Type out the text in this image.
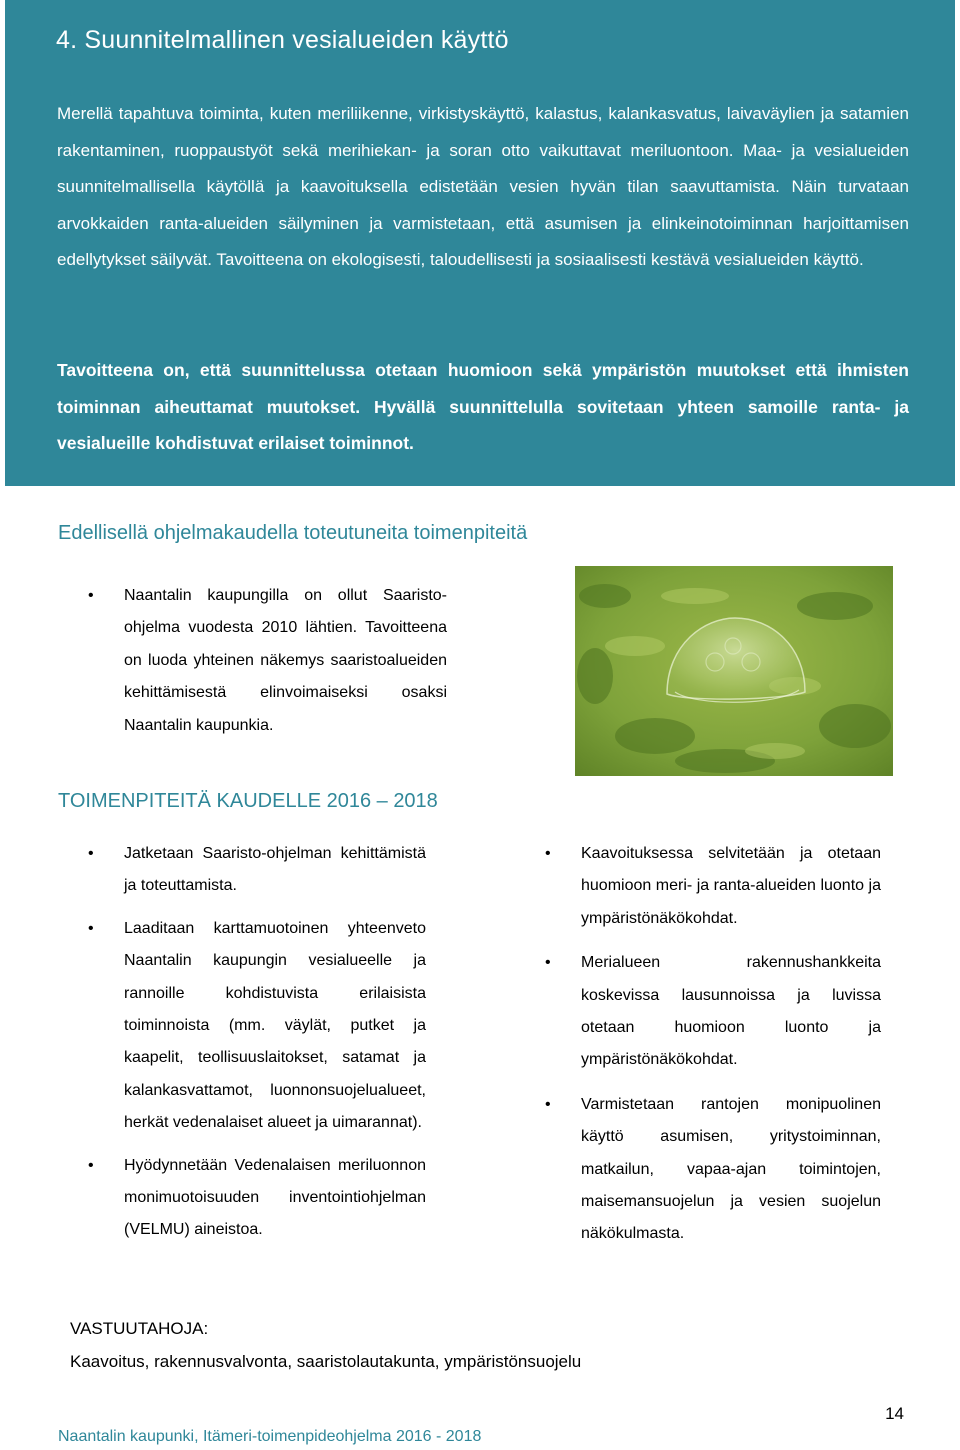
4. Suunnitelmallinen vesialueiden käyttö

Merellä tapahtuva toiminta, kuten meriliikenne, virkistyskäyttö, kalastus, kalankasvatus, laivaväylien ja satamien rakentaminen, ruoppaustyöt sekä merihiekan- ja soran otto vaikuttavat meriluontoon. Maa- ja vesialueiden suunnitelmallisella käytöllä ja kaavoituksella edistetään vesien hyvän tilan saavuttamista. Näin turvataan arvokkaiden ranta-alueiden säilyminen ja varmistetaan, että asumisen ja elinkeinotoiminnan harjoittamisen edellytykset säilyvät. Tavoitteena on ekologisesti, taloudellisesti ja sosiaalisesti kestävä vesialueiden käyttö.

Tavoitteena on, että suunnittelussa otetaan huomioon sekä ympäristön muutokset että ihmisten toiminnan aiheuttamat muutokset. Hyvällä suunnittelulla sovitetaan yhteen samoille ranta- ja vesialueille kohdistuvat erilaiset toiminnot.

Edellisellä ohjelmakaudella toteutuneita toimenpiteitä
• Naantalin kaupungilla on ollut Saaristo-ohjelma vuodesta 2010 lähtien. Tavoitteena on luoda yhteinen näkemys saaristoalueiden kehittämisestä elinvoimaiseksi osaksi Naantalin kaupunkia.
TOIMENPITEITÄ KAUDELLE 2016 – 2018
• Jatketaan Saaristo-ohjelman kehittämistä ja toteuttamista.
• Laaditaan karttamuotoinen yhteenveto Naantalin kaupungin vesialueelle ja rannoille kohdistuvista erilaisista toiminnoista (mm. väylät, putket ja kaapelit, teollisuuslaitokset, satamat ja kalankasvattamot, luonnonsuojelualueet, herkät vedenalaiset alueet ja uimarannat).
• Hyödynnetään Vedenalaisen meriluonnon monimuotoisuuden inventointiohjelman (VELMU) aineistoa.
• Kaavoituksessa selvitetään ja otetaan huomioon meri- ja ranta-alueiden luonto ja ympäristönäkökohdat.
• Merialueen rakennushankkeita koskevissa lausunnoissa ja luvissa otetaan huomioon luonto ja ympäristönäkökohdat.
• Varmistetaan rantojen monipuolinen käyttö asumisen, yritystoiminnan, matkailun, vapaa-ajan toimintojen, maisemansuojelun ja vesien suojelun näkökulmasta.
VASTUUTAHOJA:
Kaavoitus, rakennusvalvonta, saaristolautakunta, ympäristönsuojelu
14
Naantalin kaupunki, Itämeri-toimenpideohjelma 2016 - 2018
